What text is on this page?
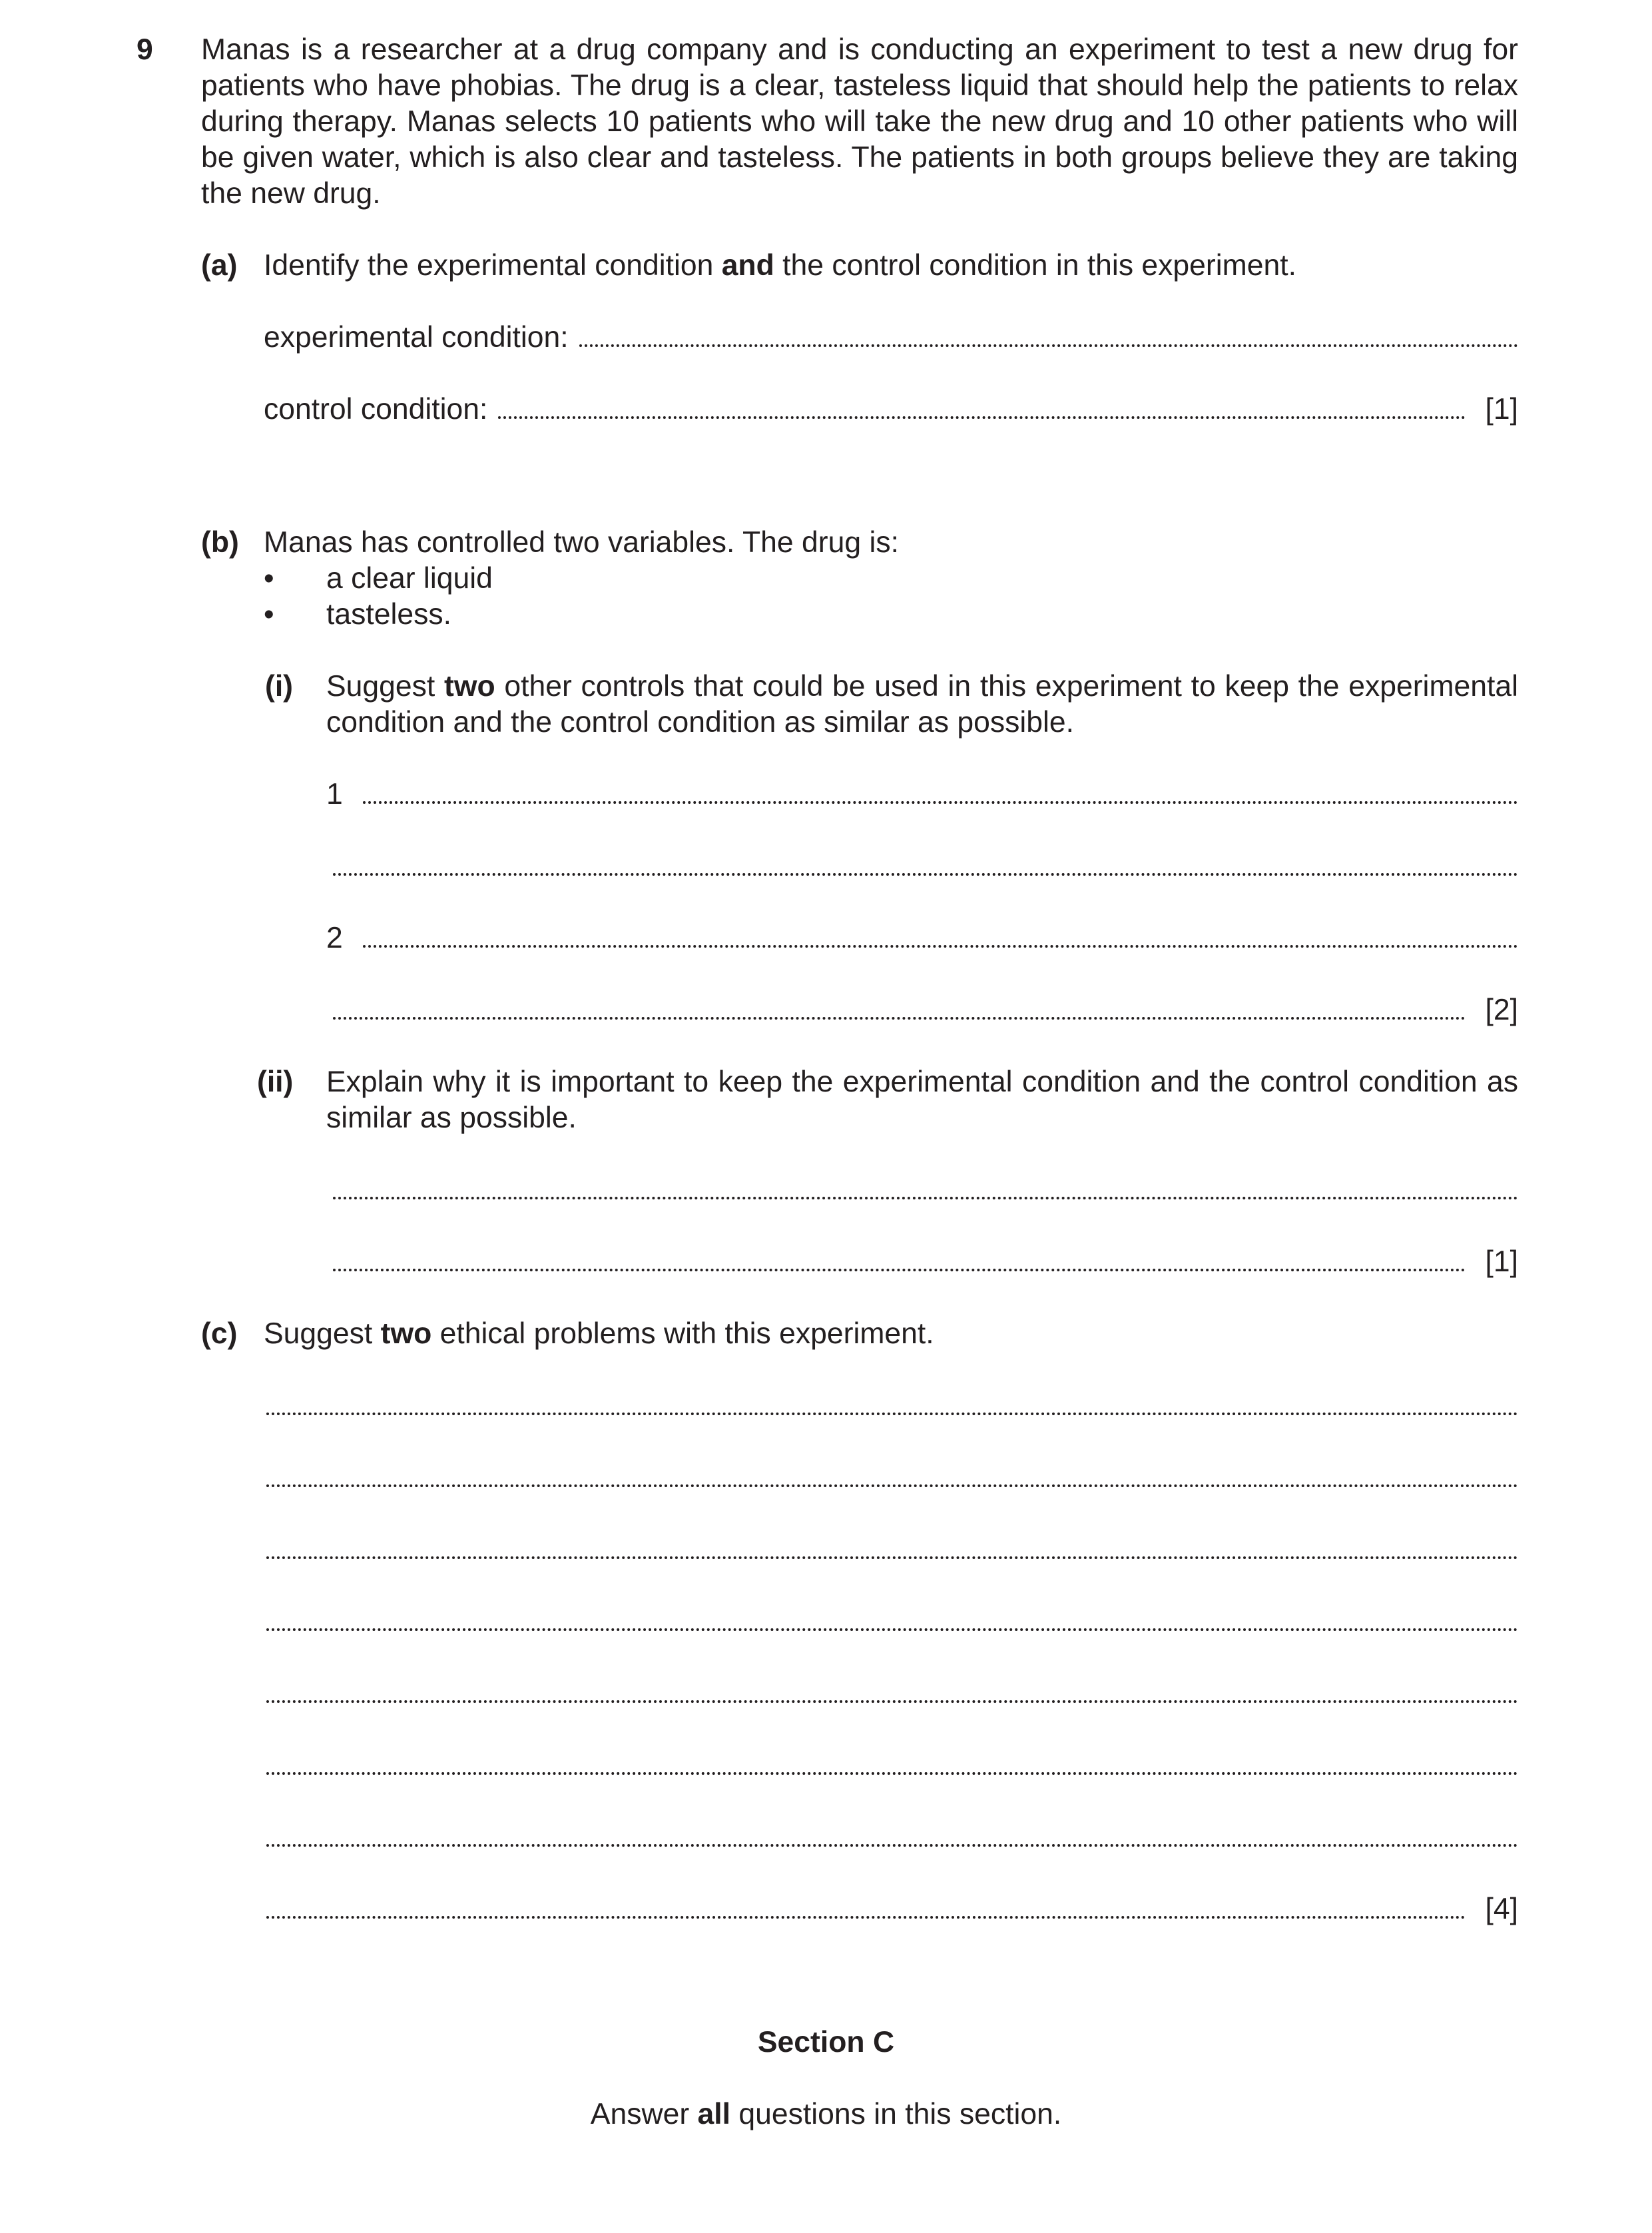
9 Manas is a researcher at a drug company and is conducting an experiment to test a new drug for patients who have phobias. The drug is a clear, tasteless liquid that should help the patients to relax during therapy. Manas selects 10 patients who will take the new drug and 10 other patients who will be given water, which is also clear and tasteless. The patients in both groups believe they are taking the new drug.
(a) Identify the experimental condition and the control condition in this experiment.
experimental condition:
control condition:	[1]
(b) Manas has controlled two variables. The drug is:
• a clear liquid
• tasteless.
(i) Suggest two other controls that could be used in this experiment to keep the experimental condition and the control condition as similar as possible.
1
2
[2]
(ii) Explain why it is important to keep the experimental condition and the control condition as similar as possible.
[1]
(c) Suggest two ethical problems with this experiment.
[4]
Section C
Answer all questions in this section.
